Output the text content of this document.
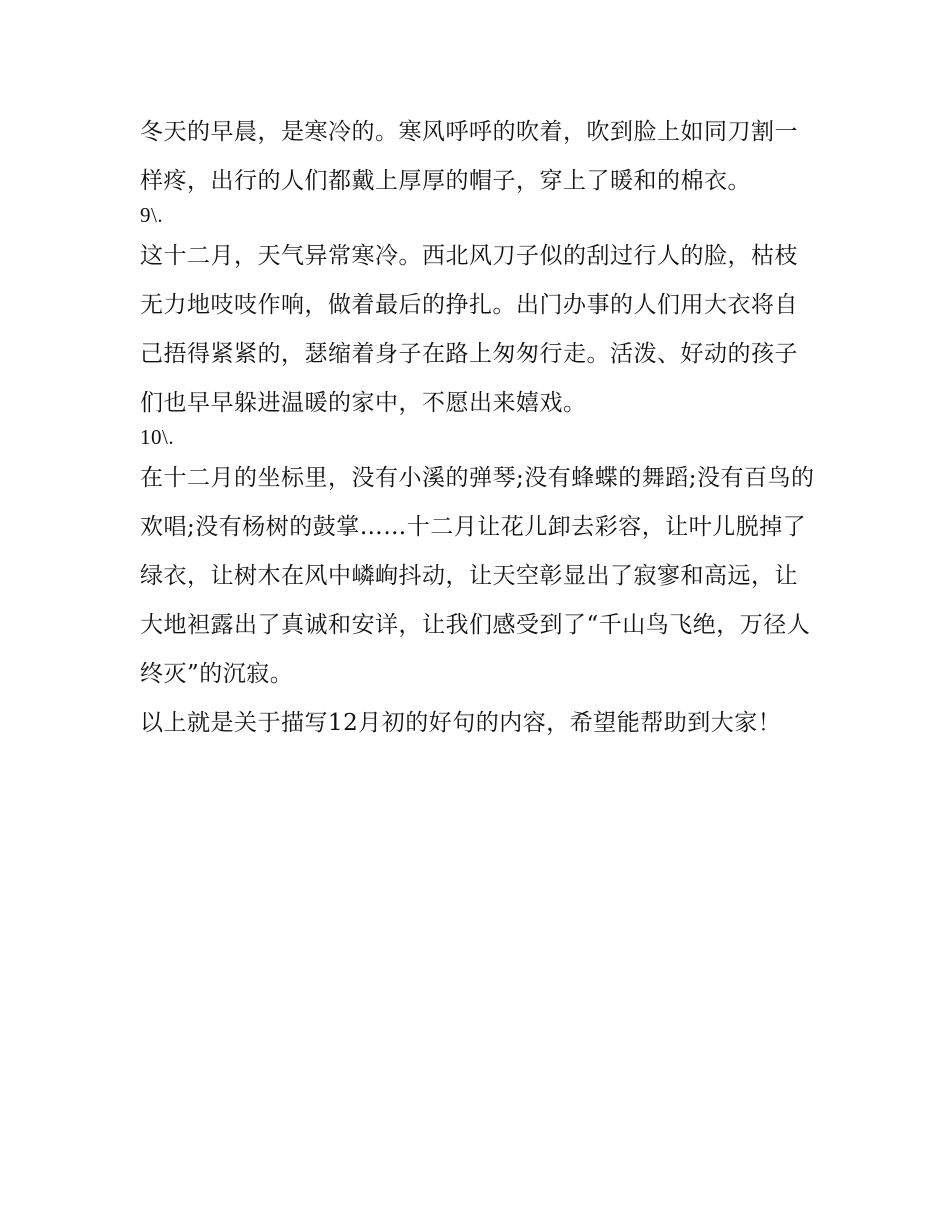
冬天的早晨，是寒冷的。寒风呼呼的吹着，吹到脸上如同刀割一样疼，出行的人们都戴上厚厚的帽子，穿上了暖和的棉衣。

9\.

这十二月，天气异常寒冷。西北风刀子似的刮过行人的脸，枯枝无力地吱吱作响，做着最后的挣扎。出门办事的人们用大衣将自己捂得紧紧的，瑟缩着身子在路上匆匆行走。活泼、好动的孩子们也早早躲进温暖的家中，不愿出来嬉戏。

10\.

在十二月的坐标里，没有小溪的弹琴;没有蜂蝶的舞蹈;没有百鸟的欢唱;没有杨树的鼓掌……十二月让花儿卸去彩容，让叶儿脱掉了绿衣，让树木在风中嶙峋抖动，让天空彰显出了寂寥和高远，让大地袒露出了真诚和安详，让我们感受到了“千山鸟飞绝，万径人终灭”的沉寂。

以上就是关于描写12月初的好句的内容，希望能帮助到大家！
